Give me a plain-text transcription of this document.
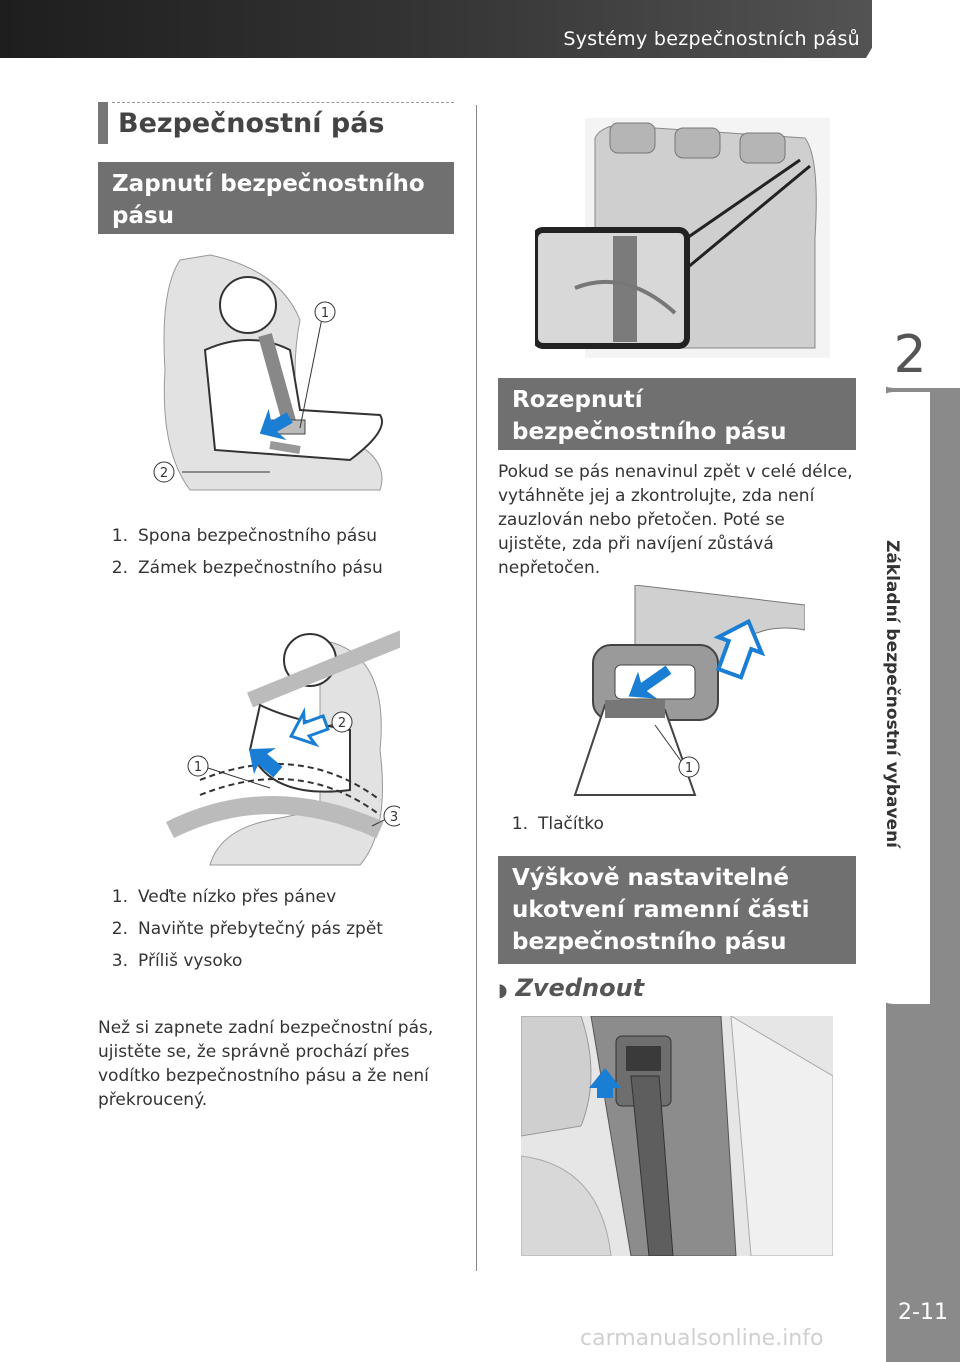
Systémy bezpečnostních pásů
2
Základní bezpečnostní vybavení
2-11
carmanualsonline.info
Bezpečnostní pás
Zapnutí bezpečnostního pásu
1
2
1. Spona bezpečnostního pásu
2. Zámek bezpečnostního pásu
1
2
3
1. Veďte nízko přes pánev
2. Naviňte přebytečný pás zpět
3. Příliš vysoko

Než si zapnete zadní bezpečnostní pás, ujistěte se, že správně prochází přes vodítko bezpečnostního pásu a že není překroucený.

Rozepnutí bezpečnostního pásu

Pokud se pás nenavinul zpět v celé délce, vytáhněte jej a zkontrolujte, zda není zauzlován nebo přetočen. Poté se ujistěte, zda při navíjení zůstává nepřetočen.

1
1. Tlačítko
Výškově nastavitelné ukotvení ramenní části bezpečnostního pásu
◗ Zvednout
